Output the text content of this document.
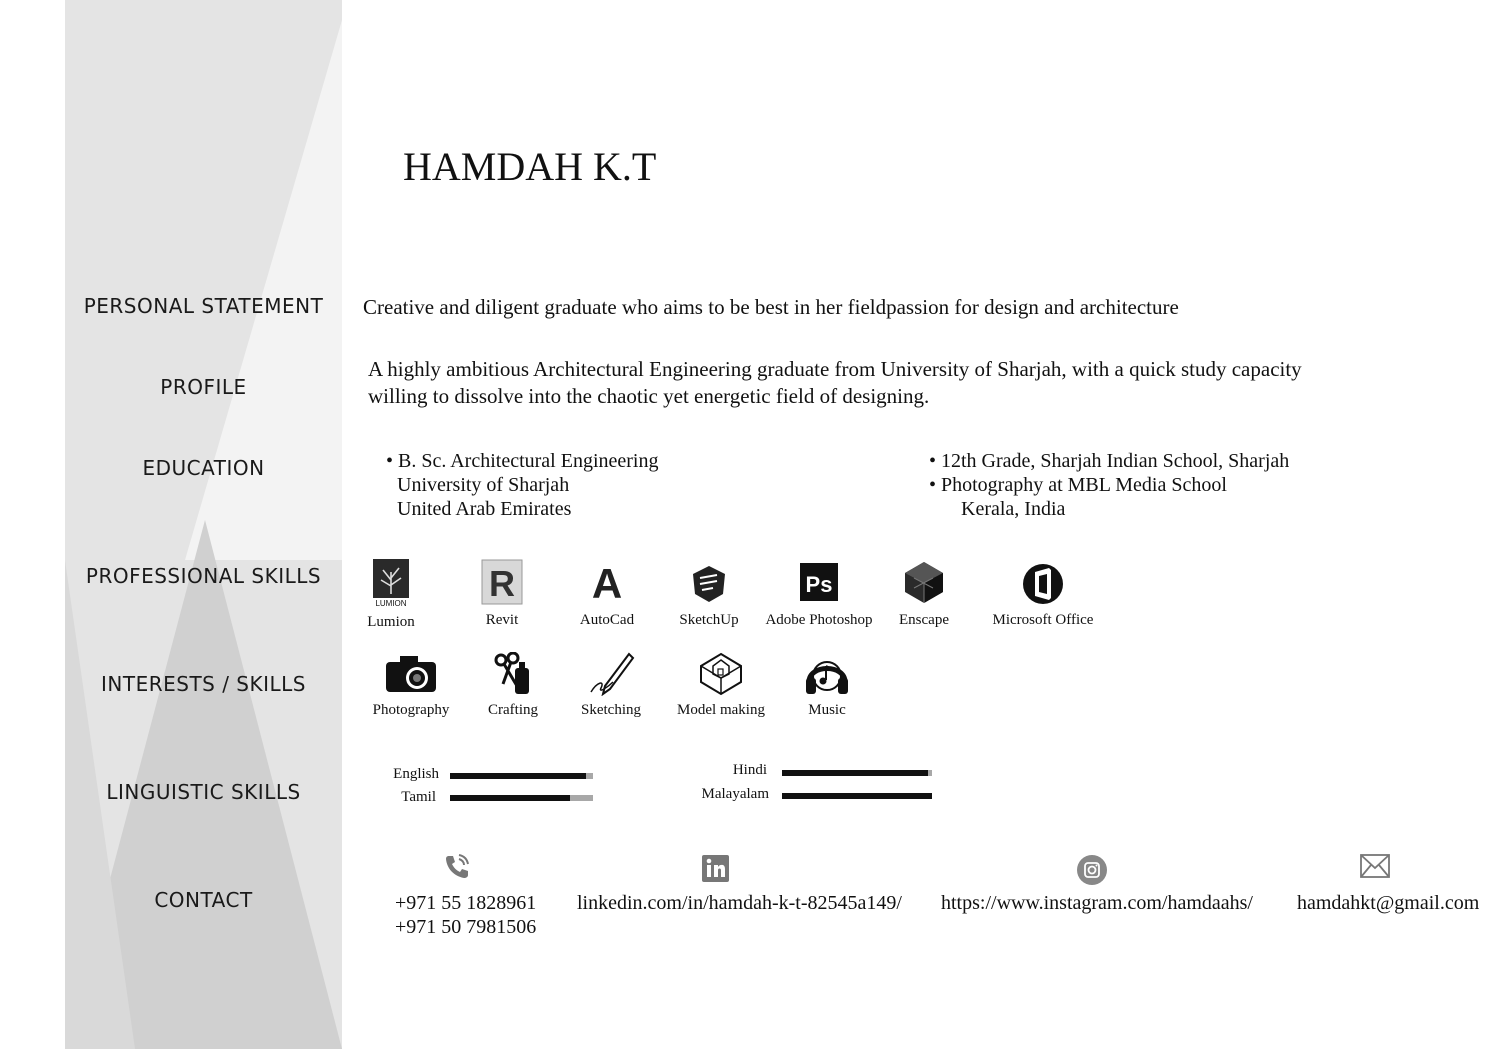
PERSONAL STATEMENT
PROFILE
EDUCATION
PROFESSIONAL SKILLS
INTERESTS / SKILLS
LINGUISTIC SKILLS
CONTACT
HAMDAH K.T
Creative and diligent graduate who aims to be best in her fieldpassion for design and architecture
A highly ambitious Architectural Engineering graduate from University of Sharjah, with a quick study capacity
willing to dissolve into the chaotic yet energetic field of designing.
• B. Sc. Architectural Engineering
University of Sharjah
United Arab Emirates
• 12th Grade, Sharjah Indian School, Sharjah
• Photography at MBL Media School
Kerala, India
LUMION
Lumion
R
Revit
A
AutoCad	SketchUp
Ps
Adobe Photoshop	Enscape	Microsoft Office
Photography	Crafting	Sketching	Model making	Music
English
Tamil
Hindi
Malayalam
+971 55 1828961
+971 50 7981506
linkedin.com/in/hamdah-k-t-82545a149/ https://www.instagram.com/hamdaahs/ hamdahkt@gmail.com
